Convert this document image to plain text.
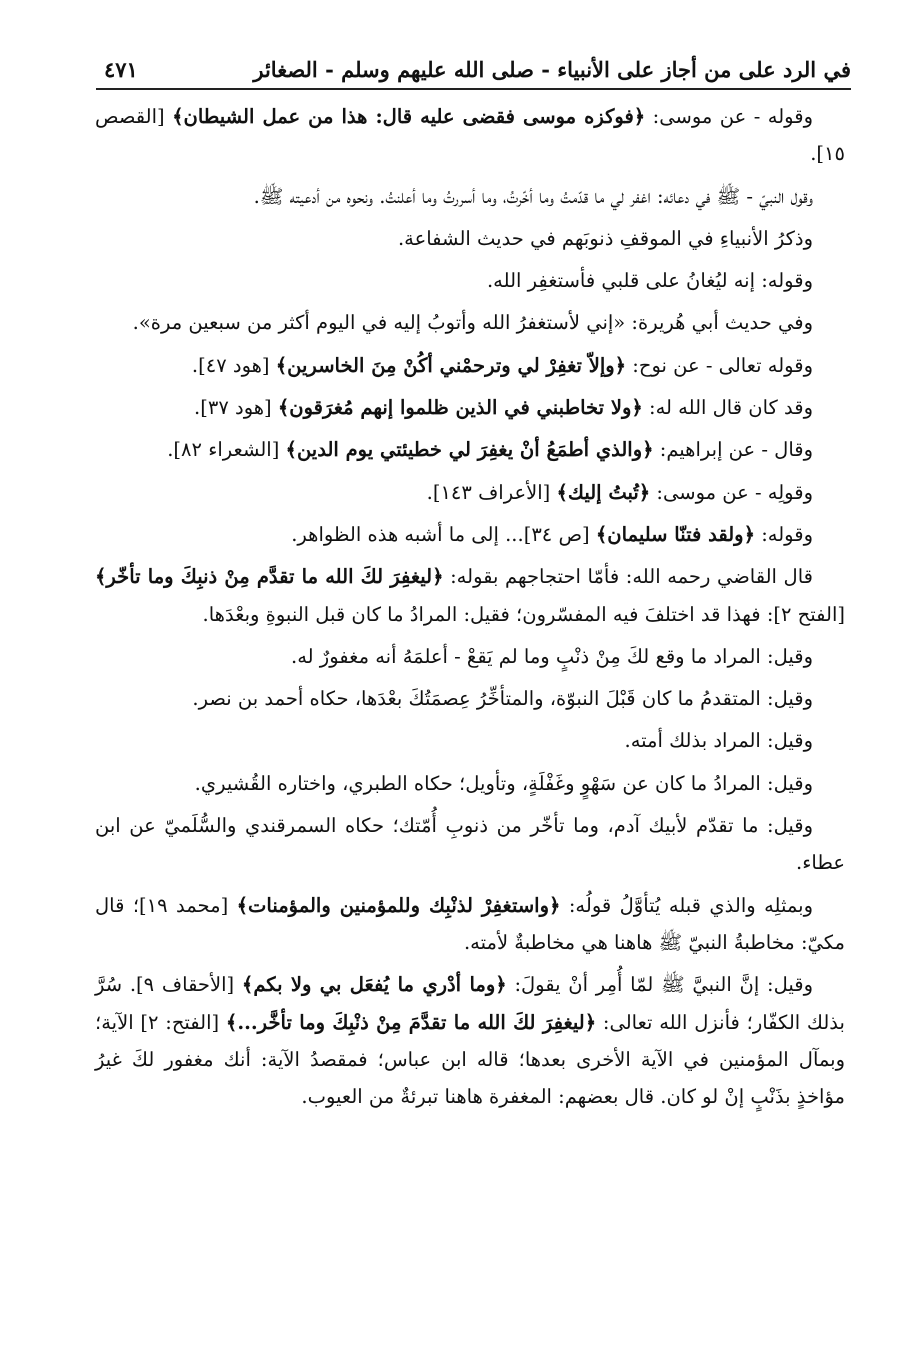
في الرد على من أجاز على الأنبياء - صلى الله عليهم وسلم - الصغائر
٤٧١

وقوله - عن موسى: ﴿فوكزه موسى فقضى عليه قال: هذا من عمل الشيطان﴾ [القصص ١٥].

وقول النبيّ - ﷺ في دعائه: اغفر لي ما قدّمتُ وما أخّرتُ، وما أسررتُ وما أعلنتُ. ونحوه من أدعيته ﷺ.

وذكرُ الأنبياءِ في الموقفِ ذنوبَهم في حديث الشفاعة.

وقوله: إنه ليُغانُ على قلبي فأستغفِر الله.

وفي حديث أبي هُريرة: «إني لأستغفرُ الله وأتوبُ إليه في اليوم أكثر من سبعين مرة».

وقوله تعالى - عن نوح: ﴿وإلاّ تغفِرْ لي وترحمْني أكُنْ مِنَ الخاسرين﴾ [هود ٤٧].

وقد كان قال الله له: ﴿ولا تخاطبني في الذين ظلموا إنهم مُغرَقون﴾ [هود ٣٧].

وقال - عن إبراهيم: ﴿والذي أطمَعُ أنْ يغفِرَ لي خطيئتي يوم الدين﴾ [الشعراء ٨٢].

وقولِه - عن موسى: ﴿تُبتُ إليك﴾ [الأعراف ١٤٣].

وقوله: ﴿ولقد فتنّا سليمان﴾ [ص ٣٤]... إلى ما أشبه هذه الظواهر.

قال القاضي رحمه الله: فأمّا احتجاجهم بقوله: ﴿ليغفِرَ لكَ الله ما تقدَّم مِنْ ذنبِكَ وما تأخّر﴾ [الفتح ٢]: فهذا قد اختلفَ فيه المفسّرون؛ فقيل: المرادُ ما كان قبل النبوةِ وبعْدَها.

وقيل: المراد ما وقع لكَ مِنْ ذنْبٍ وما لم يَقعْ - أعلمَهُ أنه مغفورٌ له.

وقيل: المتقدمُ ما كان قَبْلَ النبوّة، والمتأخِّرُ عِصمَتُكَ بعْدَها، حكاه أحمد بن نصر.

وقيل: المراد بذلك أمته.

وقيل: المرادُ ما كان عن سَهْوٍ وغَفْلَةٍ، وتأويل؛ حكاه الطبري، واختاره القُشيري.

وقيل: ما تقدّم لأبيك آدم، وما تأخّر من ذنوبِ أُمّتك؛ حكاه السمرقندي والسُّلَميّ عن ابن عطاء.

وبمثلِه والذي قبله يُتأوَّلُ قولُه: ﴿واستغفِرْ لذنْبِك وللمؤمنين والمؤمنات﴾ [محمد ١٩]؛ قال مكيّ: مخاطبةُ النبيّ ﷺ هاهنا هي مخاطبةٌ لأمته.

وقيل: إنَّ النبيَّ ﷺ لمّا أُمِر أنْ يقولَ: ﴿وما أدْري ما يُفعَل بي ولا بكم﴾ [الأحقاف ٩]. سُرَّ بذلك الكفّار؛ فأنزل الله تعالى: ﴿ليغفِرَ لكَ الله ما تقدَّمَ مِنْ ذنْبِكَ وما تأخَّر...﴾ [الفتح: ٢] الآية؛ وبمآل المؤمنين في الآية الأخرى بعدها؛ قاله ابن عباس؛ فمقصدُ الآية: أنك مغفور لكَ غيرُ مؤاخذٍ بذَنْبٍ إنْ لو كان. قال بعضهم: المغفرة هاهنا تبرئةٌ من العيوب.
